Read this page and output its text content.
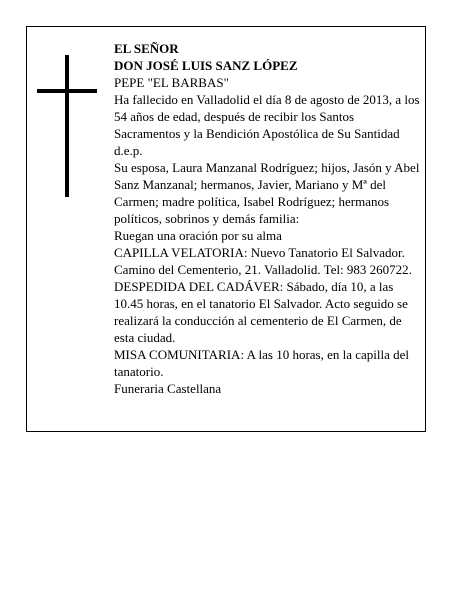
EL SEÑOR

DON JOSÉ LUIS SANZ LÓPEZ

PEPE "EL BARBAS"

Ha fallecido en Valladolid el día 8 de agosto de 2013, a los 54 años de edad, después de recibir los Santos Sacramentos y la Bendición Apostólica de Su Santidad d.e.p.

Su esposa, Laura Manzanal Rodríguez; hijos, Jasón y Abel Sanz Manzanal; hermanos, Javier, Mariano y Mª del Carmen; madre política, Isabel Rodríguez; hermanos políticos, sobrinos y demás familia:

Ruegan una oración por su alma

CAPILLA VELATORIA: Nuevo Tanatorio El Salvador. Camino del Cementerio, 21. Valladolid. Tel: 983 260722.

DESPEDIDA DEL CADÁVER: Sábado, día 10, a las 10.45 horas, en el tanatorio El Salvador. Acto seguido se realizará la conducción al cementerio de El Carmen, de esta ciudad.

MISA COMUNITARIA: A las 10 horas, en la capilla del tanatorio.

Funeraria Castellana
